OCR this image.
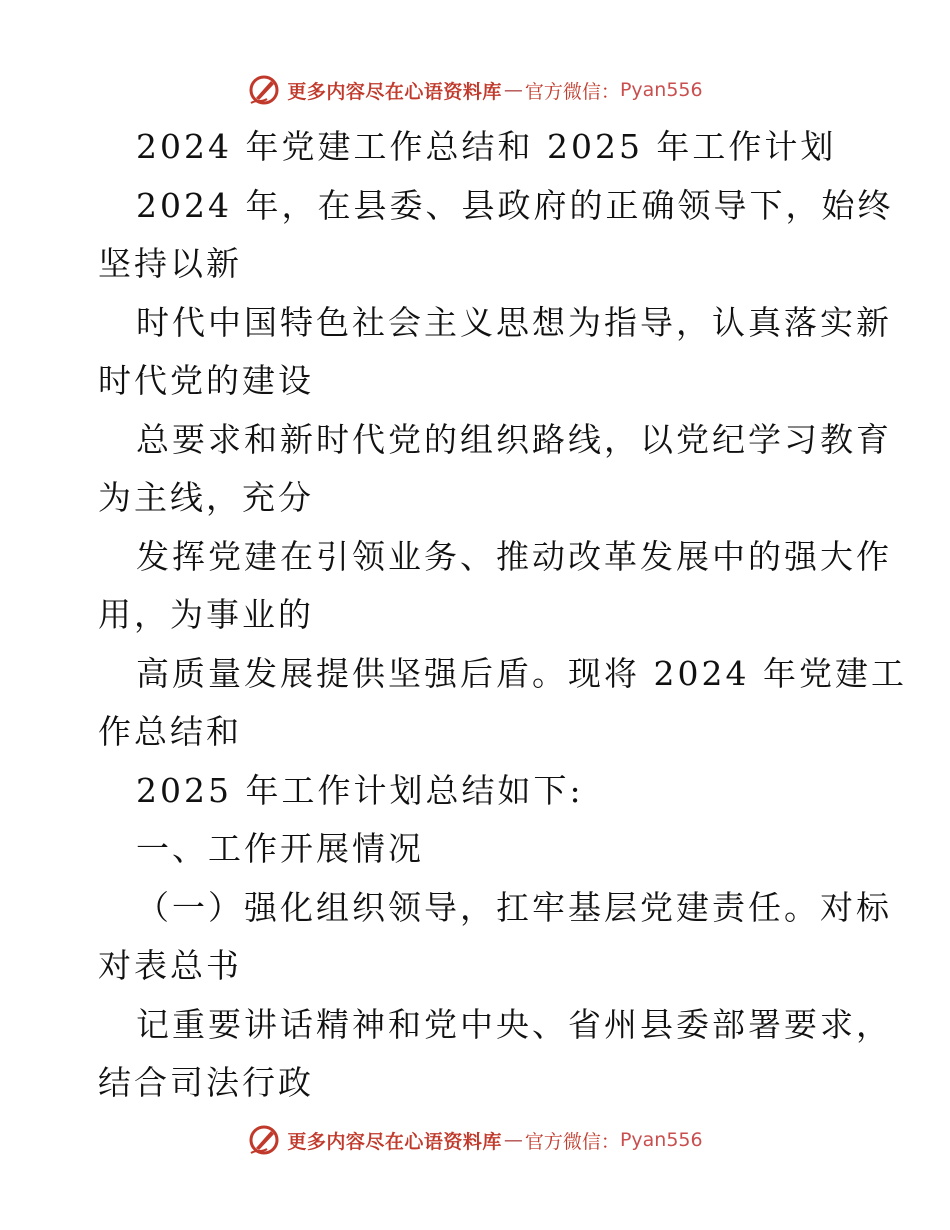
更多内容尽在心语资料库 — 官方微信： Pyan556
2024 年党建工作总结和 2025 年工作计划
2024 年，在县委、县政府的正确领导下，始终
坚持以新
时代中国特色社会主义思想为指导，认真落实新
时代党的建设
总要求和新时代党的组织路线，以党纪学习教育
为主线，充分
发挥党建在引领业务、推动改革发展中的强大作
用，为事业的
高质量发展提供坚强后盾。现将 2024 年党建工
作总结和
2025 年工作计划总结如下:
一、工作开展情况
（一）强化组织领导，扛牢基层党建责任。对标
对表总书
记重要讲话精神和党中央、省州县委部署要求，
结合司法行政
更多内容尽在心语资料库 — 官方微信： Pyan556
